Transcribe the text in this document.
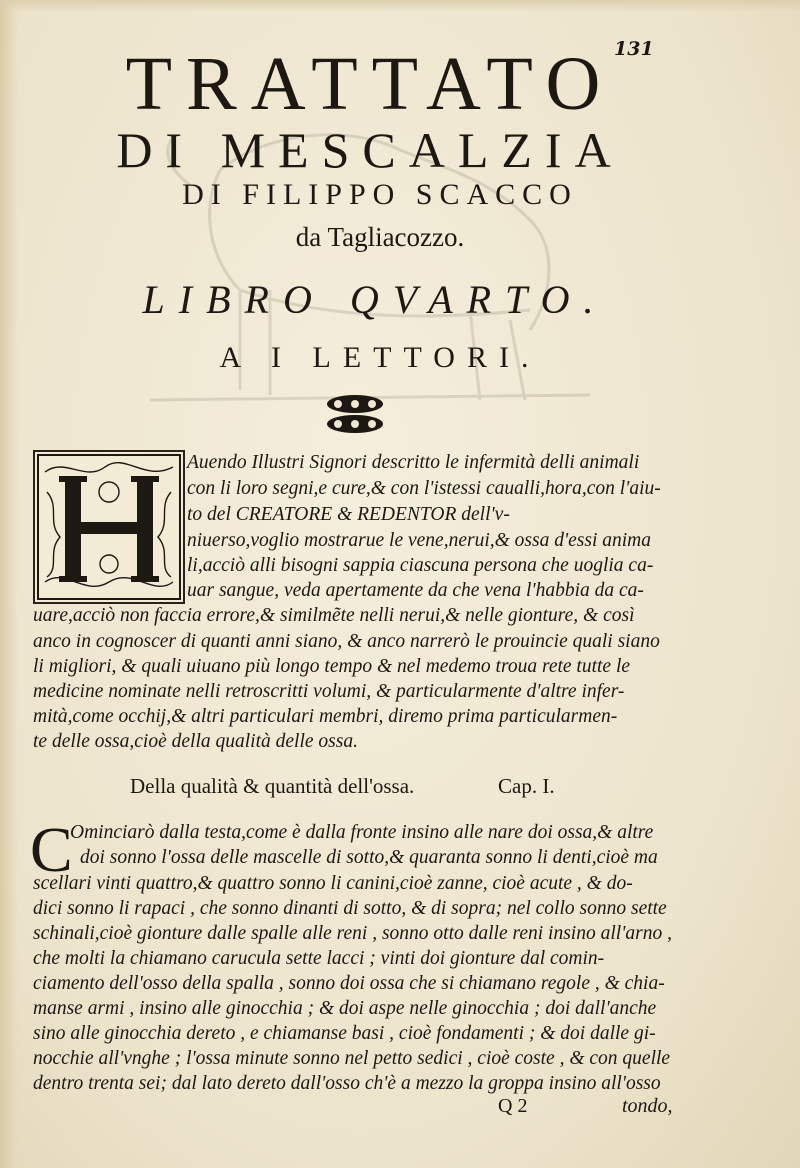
131
TRATTATO
DI MESCALZIA
DI FILIPPO SCACCO
da Tagliacozzo.
LIBRO QVARTO.
A I LETTORI.
Auendo Illustri Signori descritto le infermità delli animali
con li loro segni,e cure,& con l'istessi caualli,hora,con l'aiu-
to del CREATORE & REDENTOR dell'v-
niuerso,voglio mostrarue le vene,nerui,& ossa d'essi anima
li,acciò alli bisogni sappia ciascuna persona che uoglia ca-
uar sangue, veda apertamente da che vena l'habbia da ca-
uare,acciò non faccia errore,& similmẽte nelli nerui,& nelle gionture, & così
anco in cognoscer di quanti anni siano, & anco narrerò le prouincie quali siano
li migliori, & quali uiuano più longo tempo & nel medemo troua rete tutte le
medicine nominate nelli retroscritti volumi, & particularmente d'altre infer-
mità,come occhij,& altri particulari membri, diremo prima particularmen-
te delle ossa,cioè della qualità delle ossa.
Della qualità & quantità dell'ossa.	Cap. I.
C
Ominciarò dalla testa,come è dalla fronte insino alle nare doi ossa,& altre
doi sonno l'ossa delle mascelle di sotto,& quaranta sonno li denti,cioè ma
scellari vinti quattro,& quattro sonno li canini,cioè zanne, cioè acute , & do-
dici sonno li rapaci , che sonno dinanti di sotto, & di sopra; nel collo sonno sette
schinali,cioè gionture dalle spalle alle reni , sonno otto dalle reni insino all'arno ,
che molti la chiamano carucula sette lacci ; vinti doi gionture dal comin-
ciamento dell'osso della spalla , sonno doi ossa che si chiamano regole , & chia-
manse armi , insino alle ginocchia ; & doi aspe nelle ginocchia ; doi dall'anche
sino alle ginocchia dereto , e chiamanse basi , cioè fondamenti ; & doi dalle gi-
nocchie all'vnghe ; l'ossa minute sonno nel petto sedici , cioè coste , & con quelle
dentro trenta sei; dal lato dereto dall'osso ch'è a mezzo la groppa insino all'osso
Q 2	tondo,
